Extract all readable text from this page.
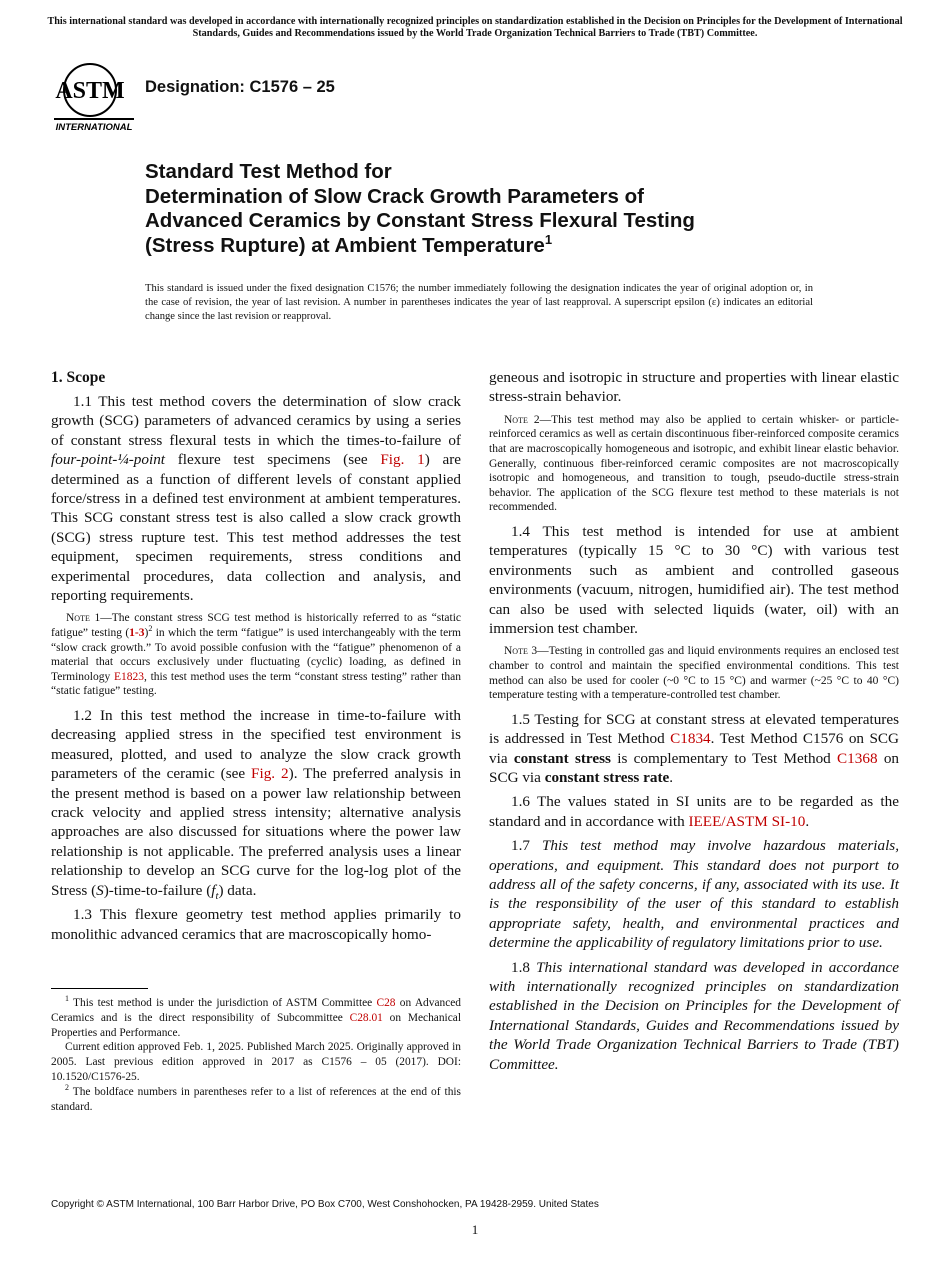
This international standard was developed in accordance with internationally recognized principles on standardization established in the Decision on Principles for the Development of International Standards, Guides and Recommendations issued by the World Trade Organization Technical Barriers to Trade (TBT) Committee.
ASTM
INTERNATIONAL
Designation: C1576 – 25
Standard Test Method for
Determination of Slow Crack Growth Parameters of
Advanced Ceramics by Constant Stress Flexural Testing
(Stress Rupture) at Ambient Temperature$^1$
This standard is issued under the fixed designation C1576; the number immediately following the designation indicates the year of original adoption or, in the case of revision, the year of last revision. A number in parentheses indicates the year of last reapproval. A superscript epsilon (ε) indicates an editorial change since the last revision or reapproval.
1. Scope

1.1 This test method covers the determination of slow crack growth (SCG) parameters of advanced ceramics by using a series of constant stress flexural tests in which the times-to-failure of four-point-¼-point flexure test specimens (see Fig. 1) are determined as a function of different levels of constant applied force/stress in a defined test environment at ambient temperatures. This SCG constant stress test is also called a slow crack growth (SCG) stress rupture test. This test method addresses the test equipment, specimen requirements, stress conditions and experimental procedures, data collection and analysis, and reporting requirements.

Note 1—The constant stress SCG test method is historically referred to as “static fatigue” testing $(1-3)^2$ in which the term “fatigue” is used interchangeably with the term “slow crack growth.” To avoid possible confusion with the “fatigue” phenomenon of a material that occurs exclusively under fluctuating (cyclic) loading, as defined in Terminology E1823, this test method uses the term “constant stress testing” rather than “static fatigue” testing.

1.2 In this test method the increase in time-to-failure with decreasing applied stress in the specified test environment is measured, plotted, and used to analyze the slow crack growth parameters of the ceramic (see Fig. 2). The preferred analysis in the present method is based on a power law relationship between crack velocity and applied stress intensity; alternative analysis approaches are also discussed for situations where the power law relationship is not applicable. The preferred analysis uses a linear relationship to develop an SCG curve for the log-log plot of the Stress (S)-time-to-failure $(f_t)$ data.

1.3 This flexure geometry test method applies primarily to monolithic advanced ceramics that are macroscopically homo-

geneous and isotropic in structure and properties with linear elastic stress-strain behavior.

Note 2—This test method may also be applied to certain whisker- or particle-reinforced ceramics as well as certain discontinuous fiber-reinforced composite ceramics that are macroscopically homogeneous and isotropic, and exhibit linear elastic behavior. Generally, continuous fiber-reinforced ceramic composites are not macroscopically isotropic and homogeneous, and transition to tough, pseudo-ductile stress-strain behavior. The application of the SCG flexure test method to these materials is not recommended.

1.4 This test method is intended for use at ambient temperatures (typically 15 °C to 30 °C) with various test environments such as ambient and controlled gaseous environments (vacuum, nitrogen, humidified air). The test method can also be used with selected liquids (water, oil) with an immersion test chamber.

Note 3—Testing in controlled gas and liquid environments requires an enclosed test chamber to control and maintain the specified environmental conditions. This test method can also be used for cooler (~0 °C to 15 °C) and warmer (~25 °C to 40 °C) temperature testing with a temperature-controlled test chamber.

1.5 Testing for SCG at constant stress at elevated temperatures is addressed in Test Method C1834. Test Method C1576 on SCG via constant stress is complementary to Test Method C1368 on SCG via constant stress rate.

1.6 The values stated in SI units are to be regarded as the standard and in accordance with IEEE/ASTM SI-10.

1.7 This test method may involve hazardous materials, operations, and equipment. This standard does not purport to address all of the safety concerns, if any, associated with its use. It is the responsibility of the user of this standard to establish appropriate safety, health, and environmental practices and determine the applicability of regulatory limitations prior to use.

1.8 This international standard was developed in accordance with internationally recognized principles on standardization established in the Decision on Principles for the Development of International Standards, Guides and Recommendations issued by the World Trade Organization Technical Barriers to Trade (TBT) Committee.

$^1$ This test method is under the jurisdiction of ASTM Committee C28 on Advanced Ceramics and is the direct responsibility of Subcommittee C28.01 on Mechanical Properties and Performance.

Current edition approved Feb. 1, 2025. Published March 2025. Originally approved in 2005. Last previous edition approved in 2017 as C1576 – 05 (2017). DOI: 10.1520/C1576-25.

$^2$ The boldface numbers in parentheses refer to a list of references at the end of this standard.

Copyright © ASTM International, 100 Barr Harbor Drive, PO Box C700, West Conshohocken, PA 19428-2959. United States
1
